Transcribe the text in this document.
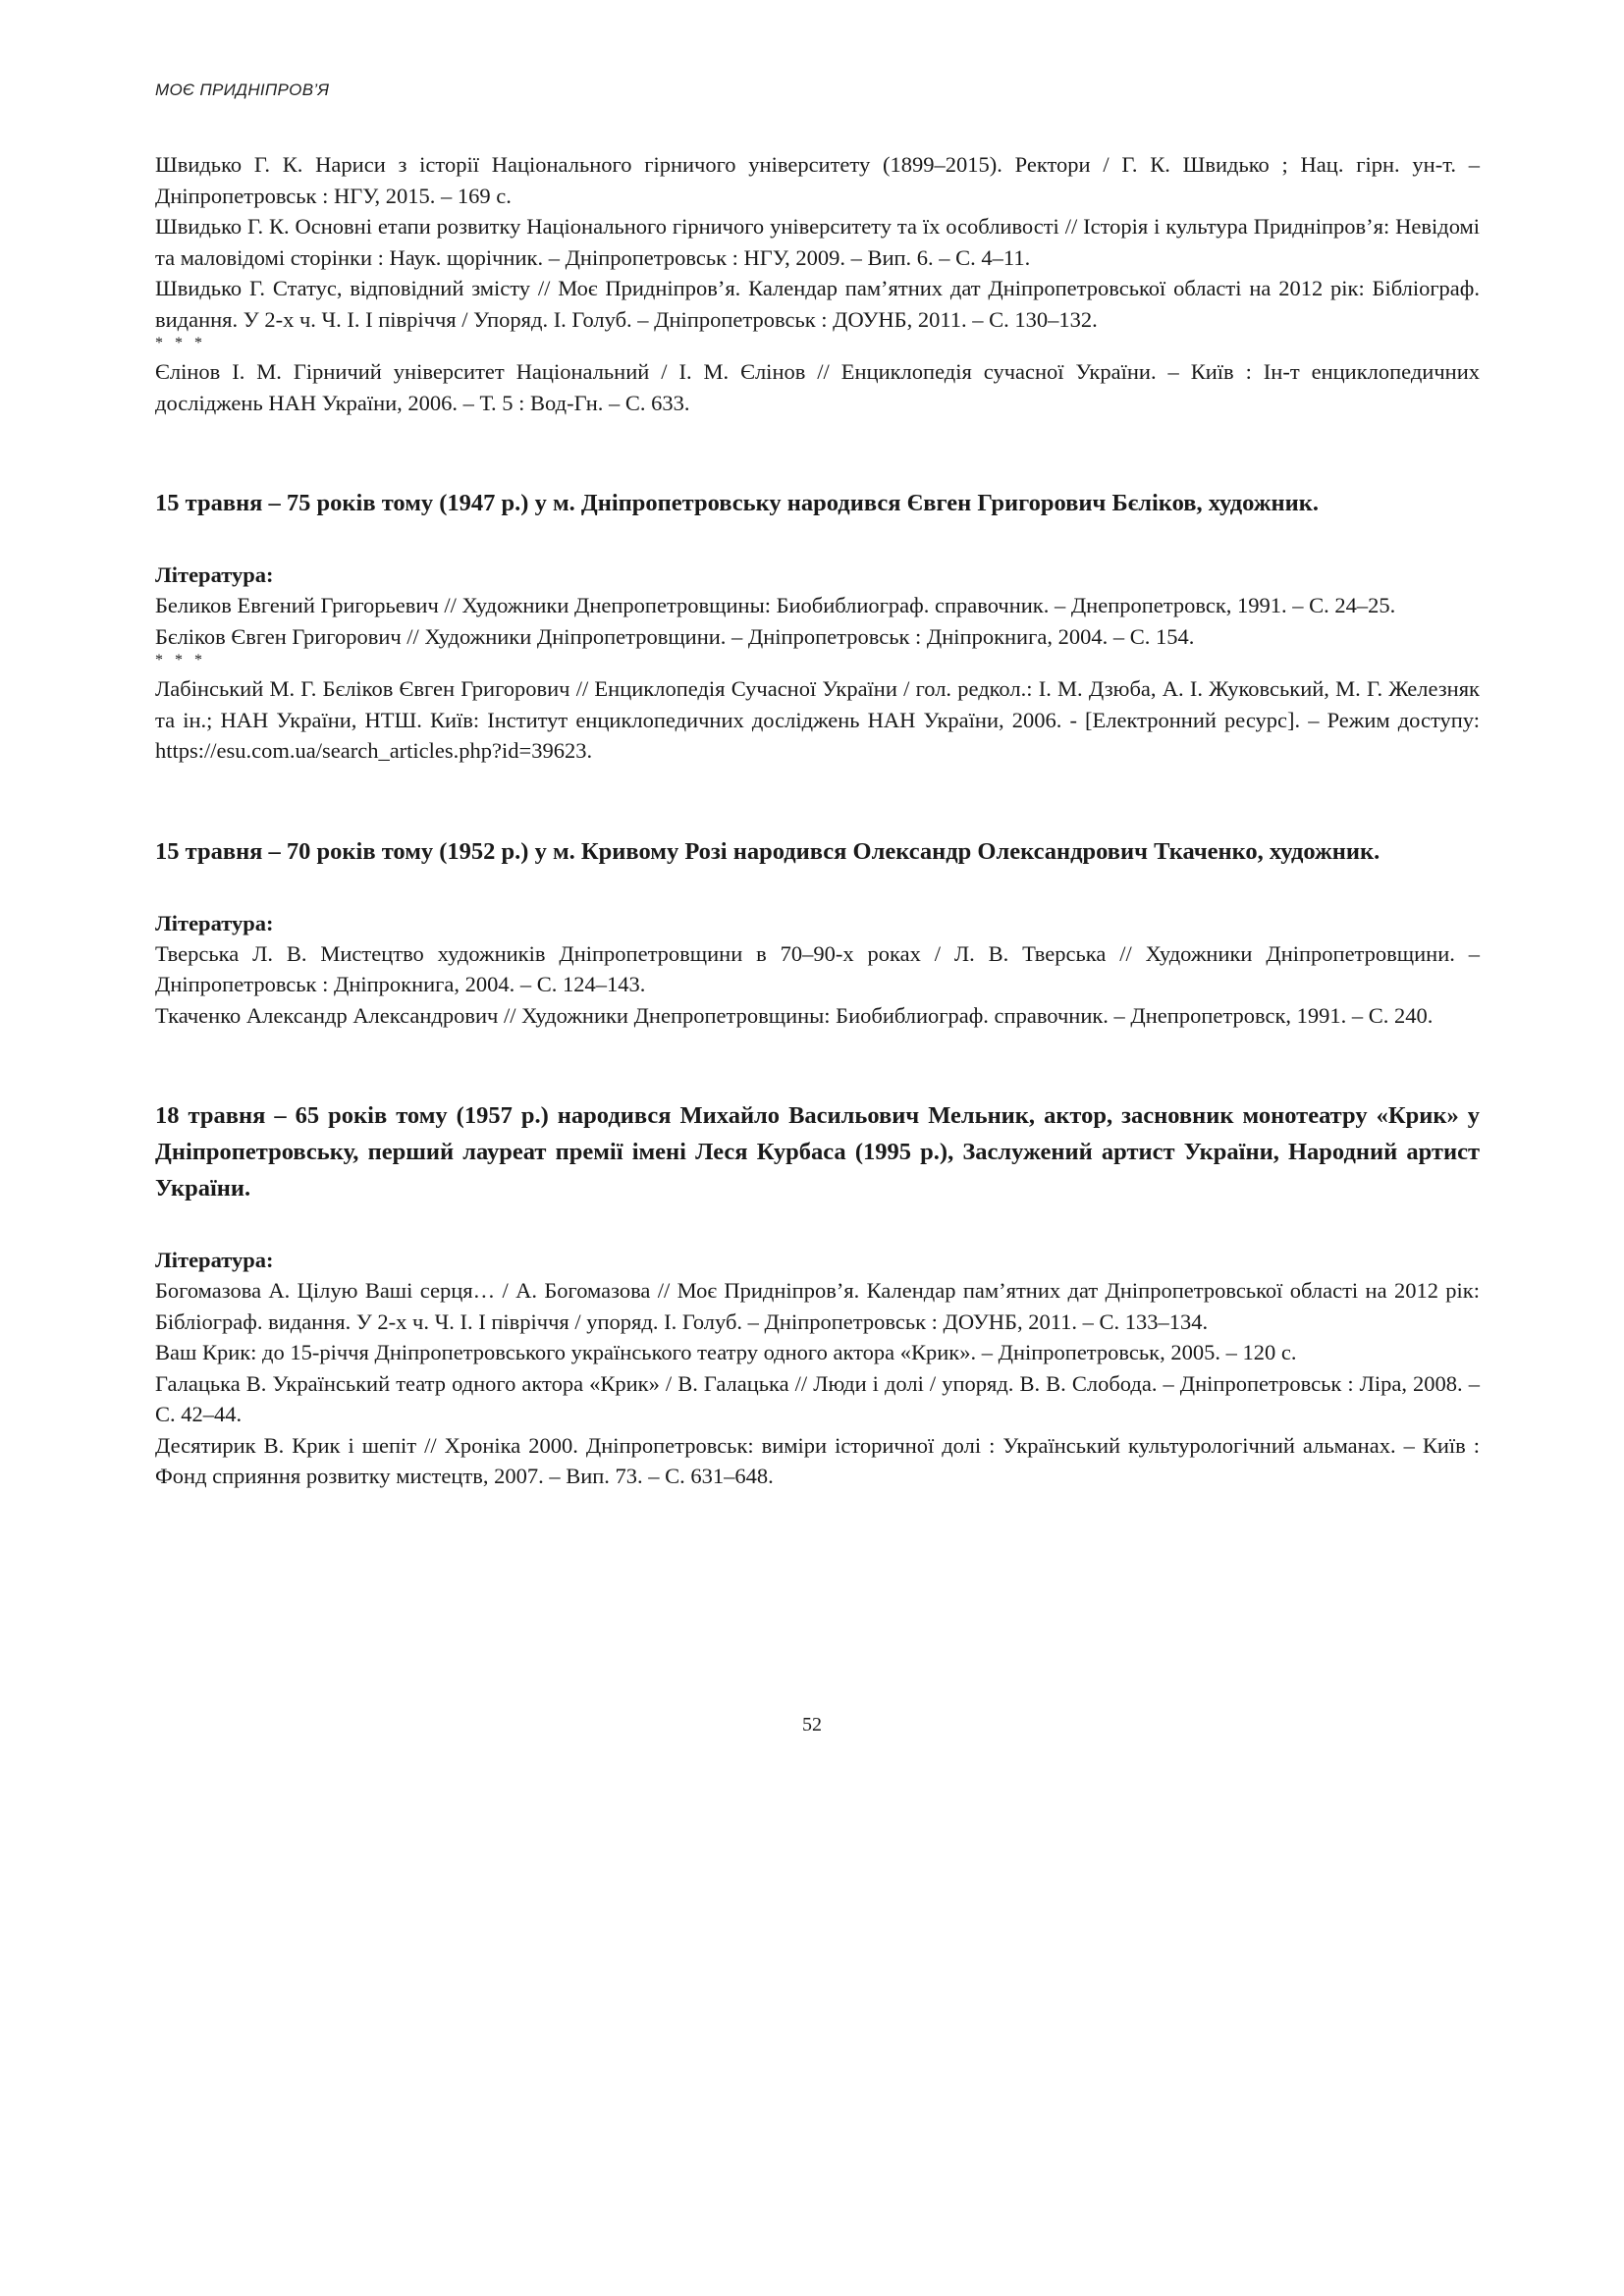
МОЄ ПРИДНІПРОВ’Я

Швидько Г. К. Нариси з історії Національного гірничого університету (1899–2015). Ректори / Г. К. Швидько ; Нац. гірн. ун-т. – Дніпропетровськ : НГУ, 2015. – 169 с.

Швидько Г. К. Основні етапи розвитку Національного гірничого університету та їх особливості // Історія і культура Придніпров’я: Невідомі та маловідомі сторінки : Наук. щорічник. – Дніпропетровськ : НГУ, 2009. – Вип. 6. – С. 4–11.

Швидько Г. Статус, відповідний змісту // Моє Придніпров’я. Календар пам’ятних дат Дніпропетровської області на 2012 рік: Бібліограф. видання. У 2-х ч. Ч. І. І півріччя / Упоряд. І. Голуб. – Дніпропетровськ : ДОУНБ, 2011. – С. 130–132.

* * *

Єлінов І. М. Гірничий університет Національний / І. М. Єлінов // Енциклопедія сучасної України. – Київ : Ін-т енциклопедичних досліджень НАН України, 2006. – Т. 5 : Вод-Гн. – С. 633.

15 травня – 75 років тому (1947 р.) у м. Дніпропетровську народився Євген Григорович Бєліков, художник.

Література:

Беликов Евгений Григорьевич // Художники Днепропетровщины: Биобиблиограф. справочник. – Днепропетровск, 1991. – С. 24–25.

Бєліков Євген Григорович // Художники Дніпропетровщини. – Дніпропетровськ : Дніпрокнига, 2004. – С. 154.

* * *

Лабінський М. Г. Бєліков Євген Григорович // Енциклопедія Сучасної України / гол. редкол.: І. М. Дзюба, А. І. Жуковський, М. Г. Железняк та ін.; НАН України, НТШ. Київ: Інститут енциклопедичних досліджень НАН України, 2006. - [Електронний ресурс]. – Режим доступу: https://esu.com.ua/search_articles.php?id=39623.

15 травня – 70 років тому (1952 р.) у м. Кривому Розі народився Олександр Олександрович Ткаченко, художник.

Література:

Тверська Л. В. Мистецтво художників Дніпропетровщини в 70–90-х роках / Л. В. Тверська // Художники Дніпропетровщини. – Дніпропетровськ : Дніпрокнига, 2004. – С. 124–143.

Ткаченко Александр Александрович // Художники Днепропетровщины: Биобиблиограф. справочник. – Днепропетровск, 1991. – С. 240.

18 травня – 65 років тому (1957 р.) народився Михайло Васильович Мельник, актор, засновник монотеатру «Крик» у Дніпропетровську, перший лауреат премії імені Леся Курбаса (1995 р.), Заслужений артист України, Народний артист України.

Література:

Богомазова А. Цілую Ваші серця… / А. Богомазова // Моє Придніпров’я. Календар пам’ятних дат Дніпропетровської області на 2012 рік: Бібліограф. видання. У 2-х ч. Ч. І. І півріччя / упоряд. І. Голуб. – Дніпропетровськ : ДОУНБ, 2011. – С. 133–134.

Ваш Крик: до 15-річчя Дніпропетровського українського театру одного актора «Крик». – Дніпропетровськ, 2005. – 120 с.

Галацька В. Український театр одного актора «Крик» / В. Галацька // Люди і долі / упоряд. В. В. Слобода. – Дніпропетровськ : Ліра, 2008. – С. 42–44.

Десятирик В. Крик і шепіт // Хроніка 2000. Дніпропетровськ: виміри історичної долі : Український культурологічний альманах. – Київ : Фонд сприяння розвитку мистецтв, 2007. – Вип. 73. – С. 631–648.

52
